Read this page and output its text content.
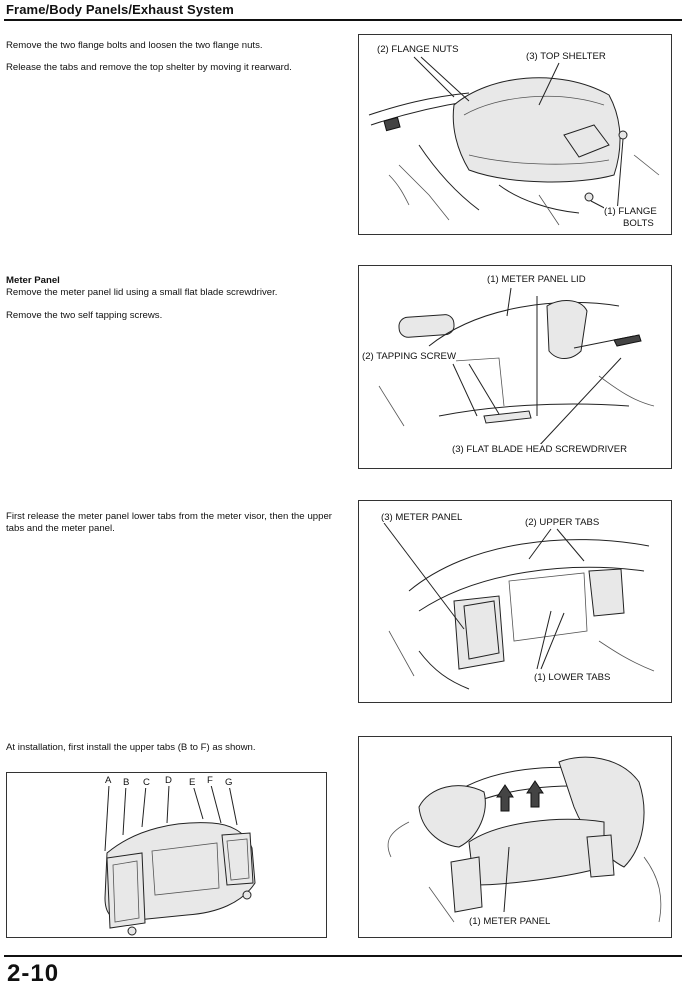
Frame/Body Panels/Exhaust System

Remove the two flange bolts and loosen the two flange nuts.

Release the tabs and remove the top shelter by moving it rearward.

(2) FLANGE NUTS
(3) TOP SHELTER
(1) FLANGE
BOLTS

Meter Panel

Remove the meter panel lid using a small flat blade screwdriver.

Remove the two self tapping screws.

(1) METER PANEL LID
(2) TAPPING SCREW
(3) FLAT BLADE HEAD SCREWDRIVER

First release the meter panel lower tabs from the meter visor, then the upper tabs and the meter panel.

(3) METER PANEL	(2) UPPER TABS
(1) LOWER TABS

At installation, first install the upper tabs (B to F) as shown.

A B C D E F G
(1) METER PANEL
2-10
